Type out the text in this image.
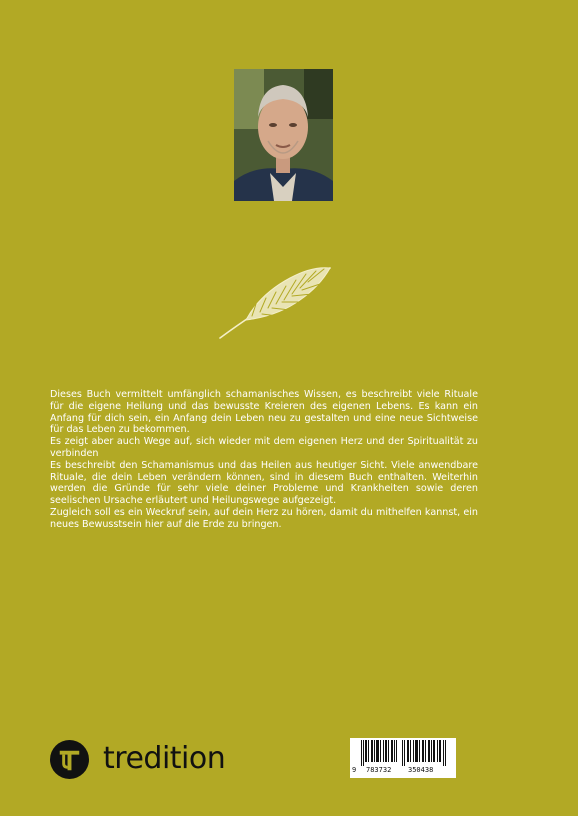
Dieses Buch vermittelt umfänglich schamanisches Wissen, es beschreibt viele Rituale für die eigene Heilung und das bewusste Kreieren des eigenen Lebens. Es kann ein Anfang für dich sein, ein Anfang dein Leben neu zu gestalten und eine neue Sichtweise für das Leben zu bekommen.

Es zeigt aber auch Wege auf, sich wieder mit dem eigenen Herz und der Spiritualität zu verbinden

Es beschreibt den Schamanismus und das Heilen aus heutiger Sicht. Viele anwendbare Rituale, die dein Leben verändern können, sind in diesem Buch enthalten. Weiterhin werden die Gründe für sehr viele deiner Probleme und Krankheiten sowie deren seelischen Ursache erläutert und Heilungswege aufgezeigt.

Zugleich soll es ein Weckruf sein, auf dein Herz zu hören, damit du mithelfen kannst, ein neues Bewusstsein hier auf die Erde zu bringen.

tredition	9 783732 350438
